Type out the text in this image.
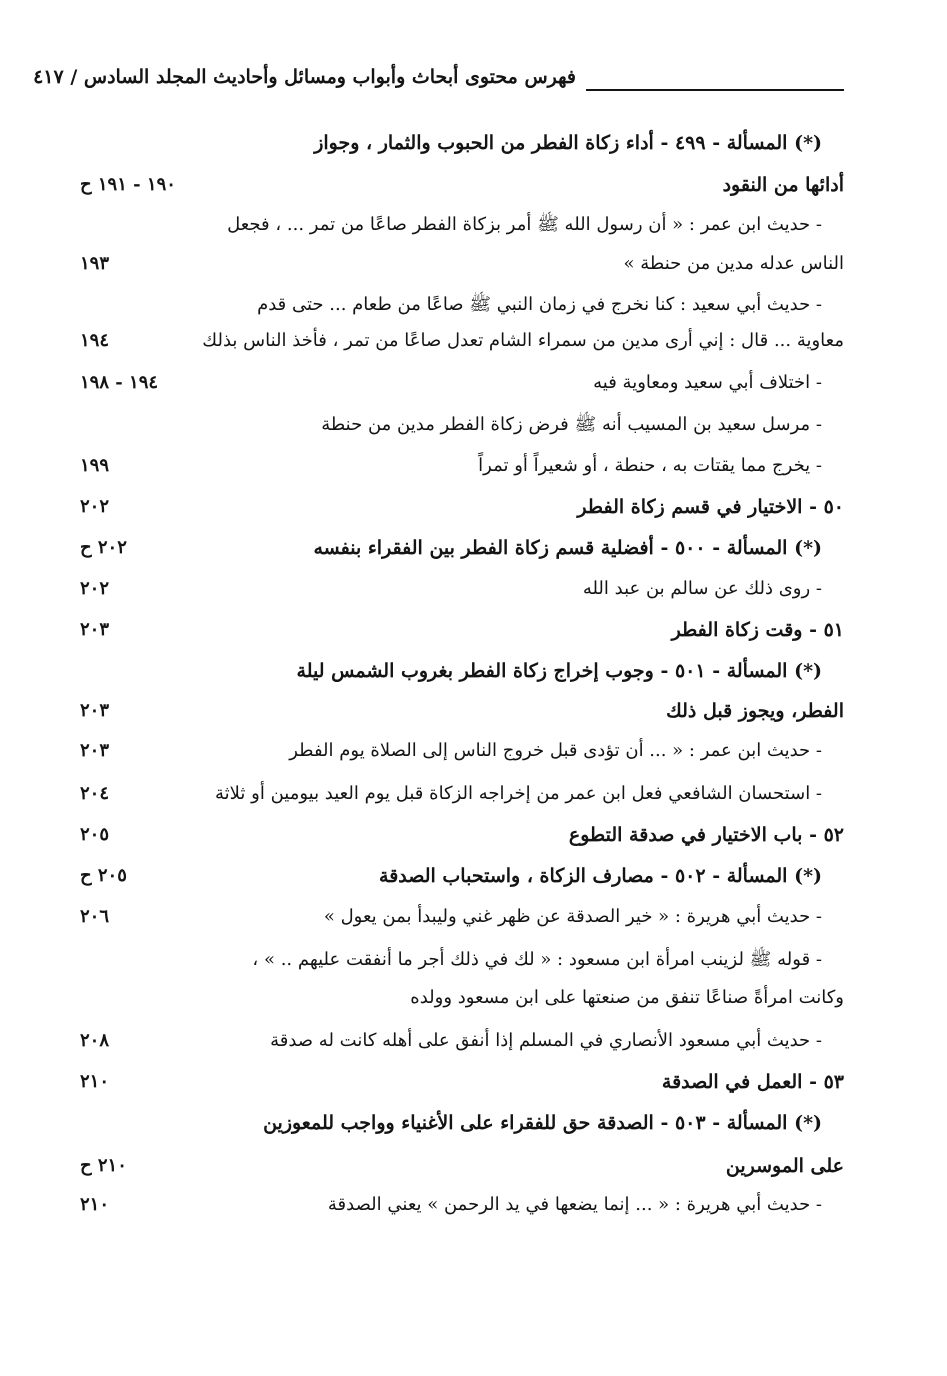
فهرس محتوى أبحاث وأبواب ومسائل وأحاديث المجلد السادس / ٤١٧
(*) المسألة - ٤٩٩ - أداء زكاة الفطر من الحبوب والثمار ، وجواز
أدائها من النقود
١٩٠ - ١٩١ ح
- حديث ابن عمر : « أن رسول الله ﷺ أمر بزكاة الفطر صاعًا من تمر ... ، فجعل
الناس عدله مدين من حنطة »
١٩٣
- حديث أبي سعيد : كنا نخرج في زمان النبي ﷺ صاعًا من طعام ... حتى قدم
معاوية ... قال : إني أرى مدين من سمراء الشام تعدل صاعًا من تمر ، فأخذ الناس بذلك
١٩٤
- اختلاف أبي سعيد ومعاوية فيه
١٩٤ - ١٩٨
- مرسل سعيد بن المسيب أنه ﷺ فرض زكاة الفطر مدين من حنطة
- يخرج مما يقتات به ، حنطة ، أو شعيراً أو تمراً
١٩٩
٥٠ - الاختيار في قسم زكاة الفطر
٢٠٢
(*) المسألة - ٥٠٠ - أفضلية قسم زكاة الفطر بين الفقراء بنفسه
٢٠٢ ح
- روى ذلك عن سالم بن عبد الله
٢٠٢
٥١ - وقت زكاة الفطر
٢٠٣
(*) المسألة - ٥٠١ - وجوب إخراج زكاة الفطر بغروب الشمس ليلة
الفطر، ويجوز قبل ذلك
٢٠٣
- حديث ابن عمر : « ... أن تؤدى قبل خروج الناس إلى الصلاة يوم الفطر
٢٠٣
- استحسان الشافعي فعل ابن عمر من إخراجه الزكاة قبل يوم العيد بيومين أو ثلاثة
٢٠٤
٥٢ - باب الاختيار في صدقة التطوع
٢٠٥
(*) المسألة - ٥٠٢ - مصارف الزكاة ، واستحباب الصدقة
٢٠٥ ح
- حديث أبي هريرة : « خير الصدقة عن ظهر غني وليبدأ بمن يعول »
٢٠٦
- قوله ﷺ لزينب امرأة ابن مسعود : « لك في ذلك أجر ما أنفقت عليهم .. » ،
وكانت امرأةً صناعًا تنفق من صنعتها على ابن مسعود وولده
- حديث أبي مسعود الأنصاري في المسلم إذا أنفق على أهله كانت له صدقة
٢٠٨
٥٣ - العمل في الصدقة
٢١٠
(*) المسألة - ٥٠٣ - الصدقة حق للفقراء على الأغنياء وواجب للمعوزين
على الموسرين
٢١٠ ح
- حديث أبي هريرة : « ... إنما يضعها في يد الرحمن » يعني الصدقة
٢١٠
